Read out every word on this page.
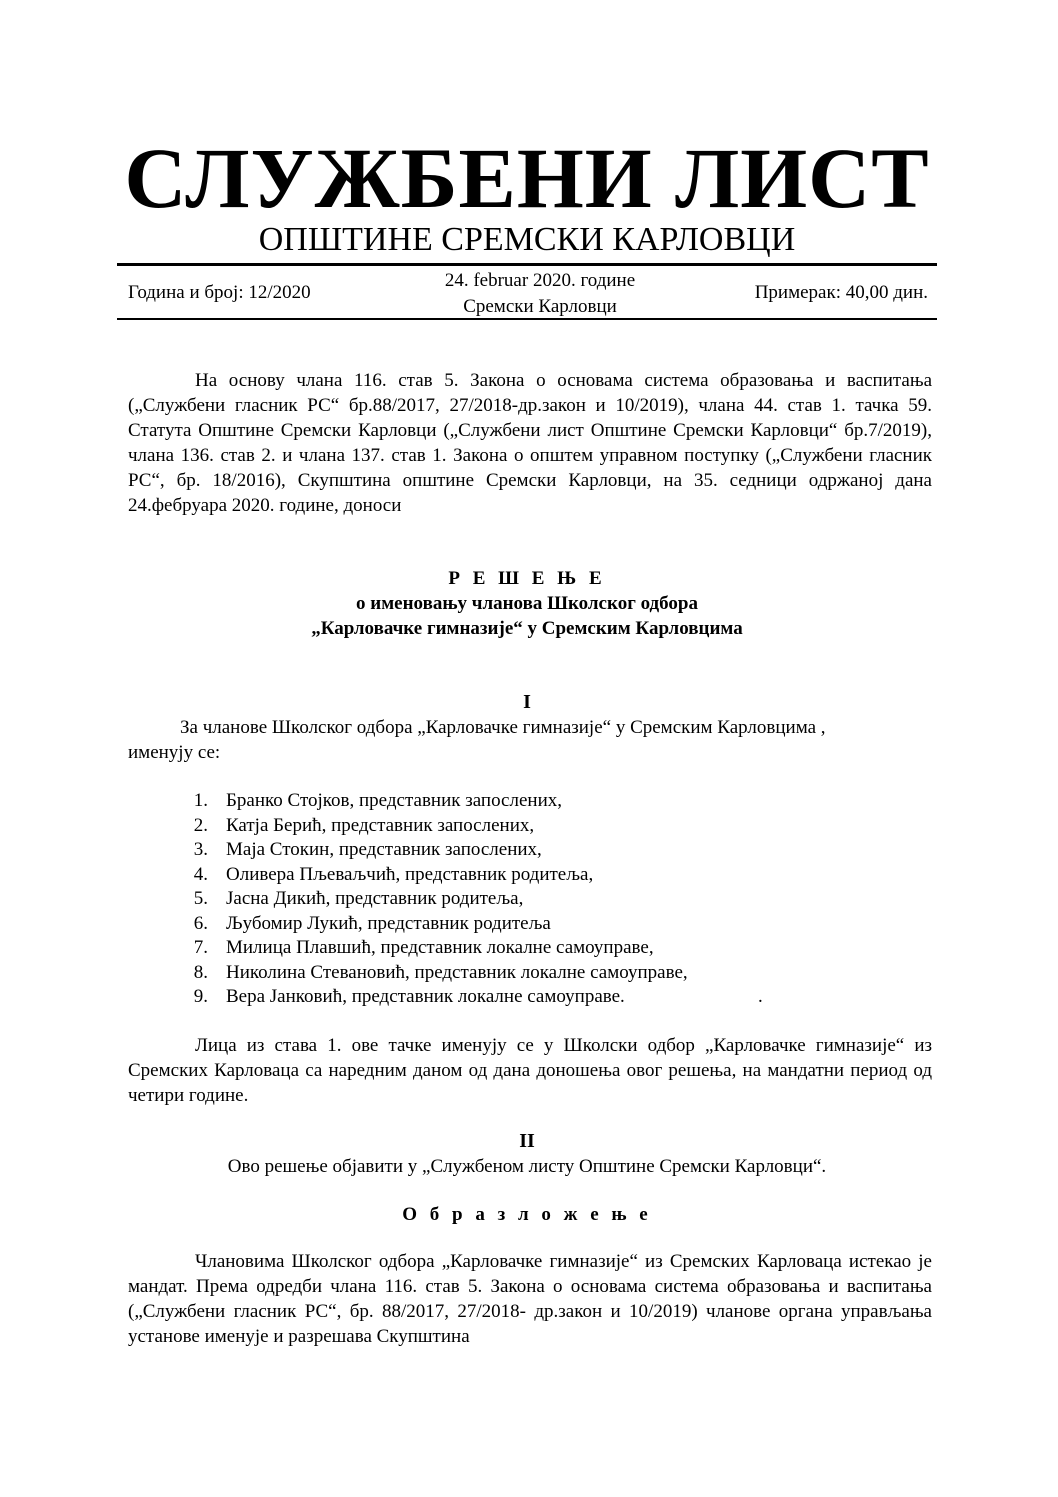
СЛУЖБЕНИ ЛИСТ
ОПШТИНЕ СРЕМСКИ КАРЛОВЦИ
Година и број: 12/2020
24. februar 2020. године
Сремски Карловци
Примерак: 40,00 дин.

На основу члана 116. став 5. Закона о основама система образовања и васпитања („Службени гласник РС“ бр.88/2017, 27/2018-др.закон и 10/2019), члана 44. став 1. тачка 59. Статута Општине Сремски Карловци („Службени лист Општине Сремски Карловци“ бр.7/2019), члана 136. став 2. и члана 137. став 1. Закона о општем управном поступку („Службени гласник РС“, бр. 18/2016), Скупштина општине Сремски Карловци, на 35. седници одржаној дана 24.фебруара 2020. године, доноси

Р Е Ш Е Њ Е
о именовању чланова Школског одбора
„Карловачке гимназије“ у Сремским Карловцима
I
За чланове Школског одбора „Карловачке гимназије“ у Сремским Карловцима ,
именују се:
1. Бранко Стојков, представник запослених,
2. Катја Берић, представник запослених,
3. Маја Стокин, представник запослених,
4. Оливера Пљеваљчић, представник родитеља,
5. Јасна Дикић, представник родитеља,
6. Љубомир Лукић, представник родитеља
7. Милица Плавшић, представник локалне самоуправе,
8. Николина Стевановић, представник локалне самоуправе,
9. Вера Јанковић, представник локалне самоуправе.	.

Лица из става 1. ове тачке именују се у Школски одбор „Карловачке гимназије“ из Сремских Карловаца са наредним даном од дана доношења овог решења, на мандатни период од четири године.

II
Ово решење објавити у „Службеном листу Општине Сремски Карловци“.
О б р а з л о ж е њ е

Члановима Школског одбора „Карловачке гимназије“ из Сремских Карловаца истекао је мандат. Према одредби члана 116. став 5. Закона о основама система образовања и васпитања („Службени гласник РС“, бр. 88/2017, 27/2018- др.закон и 10/2019) чланове органа управљања установе именује и разрешава Скупштина
